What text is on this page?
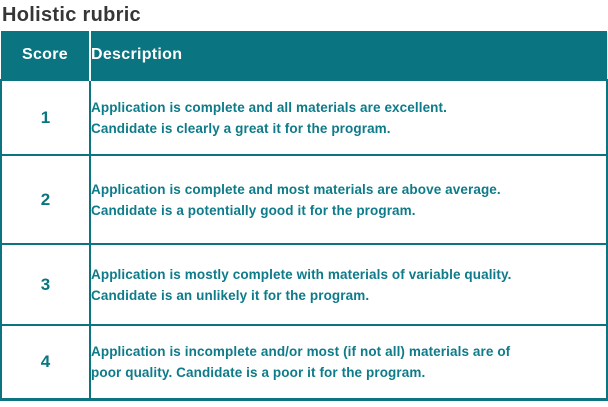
Holistic rubric
Score	Description
1	Application is complete and all materials are excellent.
Candidate is clearly a great it for the program.

2	Application is complete and most materials are above average.
Candidate is a potentially good it for the program.

3	Application is mostly complete with materials of variable quality.
Candidate is an unlikely it for the program.

4	Application is incomplete and/or most (if not all) materials are of
poor quality. Candidate is a poor it for the program.
